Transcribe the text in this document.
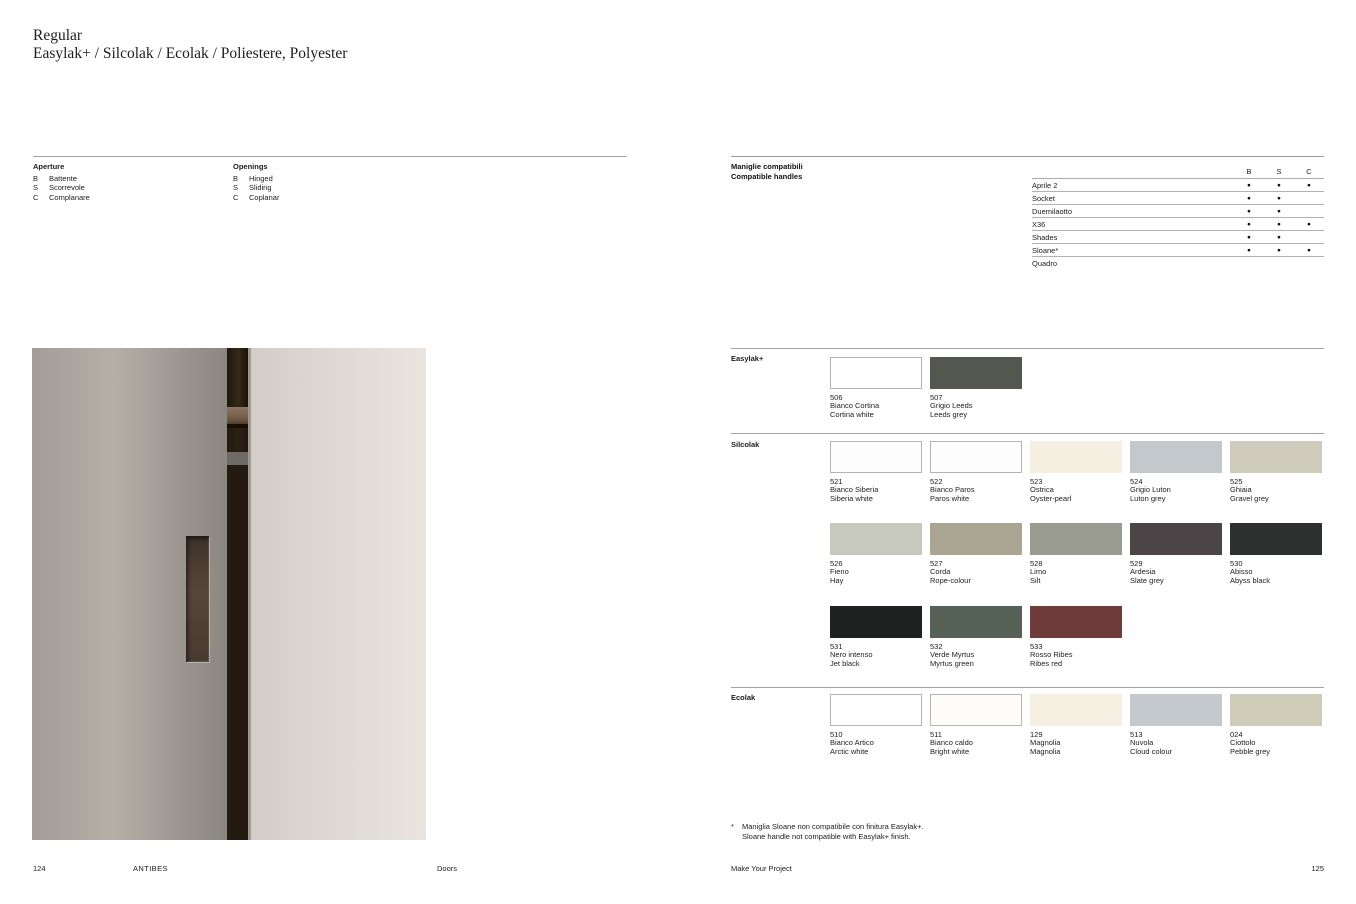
Regular
Easylak+ / Silcolak / Ecolak / Poliestere, Polyester
Aperture
B	Battente
S	Scorrevole
C	Complanare
Openings
B	Hinged
S	Sliding
C	Coplanar
Maniglie compatibili
Compatible handles	B	S	C
Aprile 2	●	●	●
Socket	●	●
Duemilaotto	●	●
X36	●	●	●
Shades	●	●
Sloane*	●	●	●
Quadro
Easylak+
506
Bianco Cortina
Cortina white
507
Grigio Leeds
Leeds grey
Silcolak
521
Bianco Siberia
Siberia white
522
Bianco Paros
Paros white
523
Ostrica
Oyster-pearl
524
Grigio Luton
Luton grey
525
Ghiaia
Gravel grey
526
Fieno
Hay
527
Corda
Rope-colour
528
Limo
Silt
529
Ardesia
Slate grey
530
Abisso
Abyss black
531
Nero intenso
Jet black
532
Verde Myrtus
Myrtus green
533
Rosso Ribes
Ribes red
Ecolak
510
Bianco Artico
Arctic white
511
Bianco caldo
Bright white
129
Magnolia
Magnolia
513
Nuvola
Cloud colour
024
Ciottolo
Pebble grey
*	Maniglia Sloane non compatibile con finitura Easylak+.
Sloane handle not compatible with Easylak+ finish.
124	ANTIBES	Doors	Make Your Project	125
